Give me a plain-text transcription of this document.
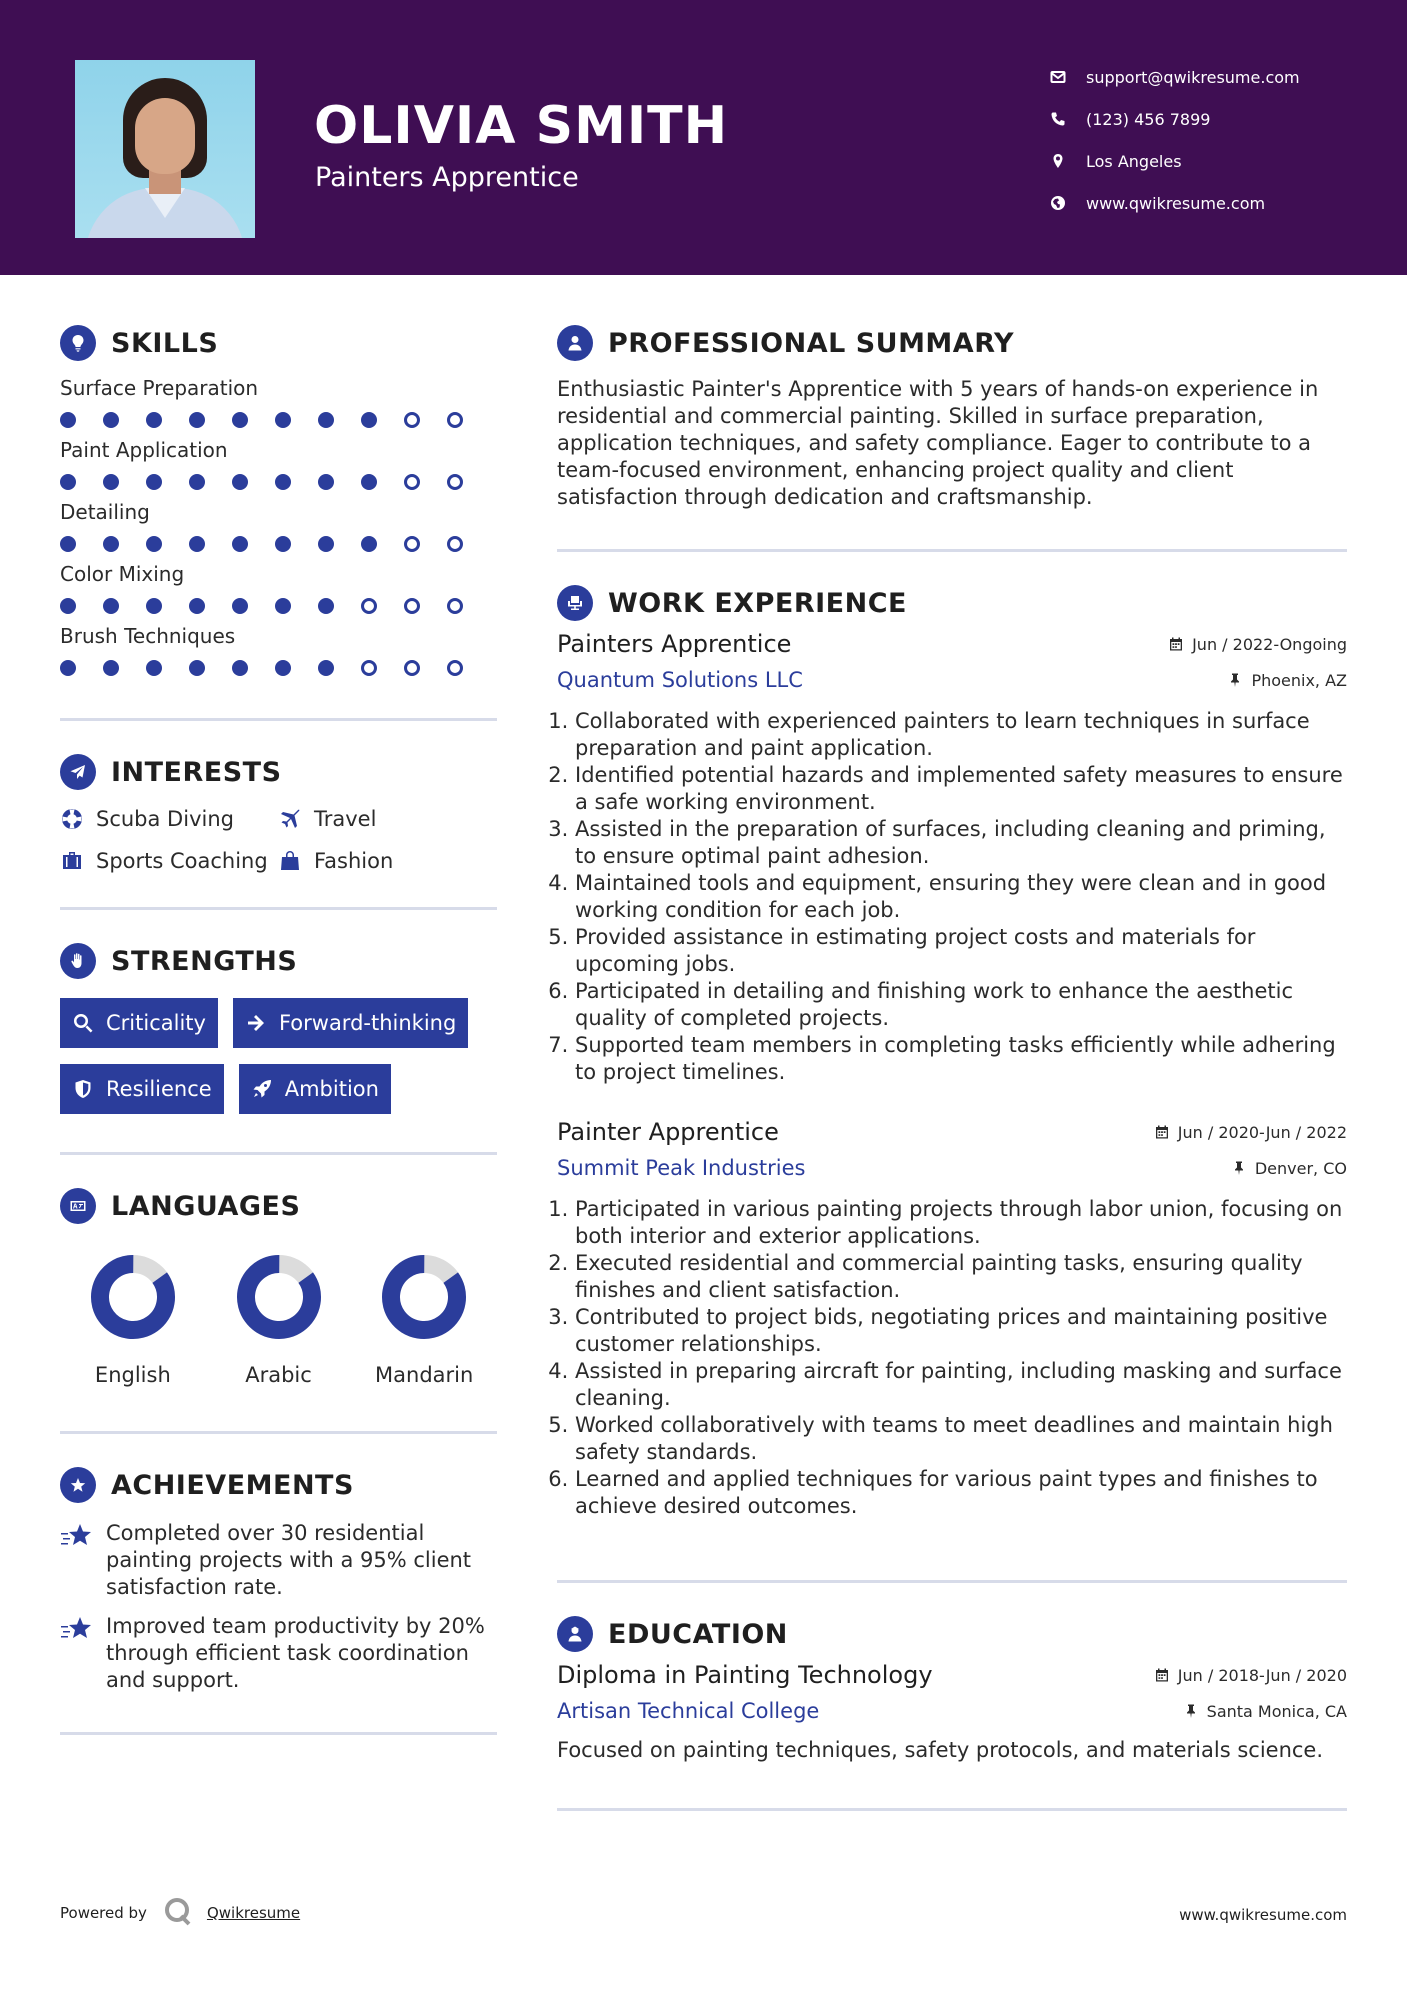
OLIVIA SMITH
Painters Apprentice
support@qwikresume.com
(123) 456 7899
Los Angeles
www.qwikresume.com
SKILLS
Surface Preparation
Paint Application
Detailing
Color Mixing
Brush Techniques
INTERESTS
Scuba Diving	Travel
Sports Coaching Fashion
STRENGTHS
Criticality	Forward-thinking
Resilience	Ambition
LANGUAGES
English	Arabic	Mandarin
ACHIEVEMENTS
Completed over 30 residential painting projects with a 95% client satisfaction rate.
Improved team productivity by 20% through efficient task coordination and support.
PROFESSIONAL SUMMARY
Enthusiastic Painter's Apprentice with 5 years of hands-on experience in residential and commercial painting. Skilled in surface preparation, application techniques, and safety compliance. Eager to contribute to a team-focused environment, enhancing project quality and client satisfaction through dedication and craftsmanship.
WORK EXPERIENCE
Painters Apprentice	Jun / 2022-Ongoing
Quantum Solutions LLC	Phoenix, AZ
1. Collaborated with experienced painters to learn techniques in surface preparation and paint application.
2. Identified potential hazards and implemented safety measures to ensure a safe working environment.
3. Assisted in the preparation of surfaces, including cleaning and priming, to ensure optimal paint adhesion.
4. Maintained tools and equipment, ensuring they were clean and in good working condition for each job.
5. Provided assistance in estimating project costs and materials for upcoming jobs.
6. Participated in detailing and finishing work to enhance the aesthetic quality of completed projects.
7. Supported team members in completing tasks efficiently while adhering to project timelines.
Painter Apprentice	Jun / 2020-Jun / 2022
Summit Peak Industries	Denver, CO
1. Participated in various painting projects through labor union, focusing on both interior and exterior applications.
2. Executed residential and commercial painting tasks, ensuring quality finishes and client satisfaction.
3. Contributed to project bids, negotiating prices and maintaining positive customer relationships.
4. Assisted in preparing aircraft for painting, including masking and surface cleaning.
5. Worked collaboratively with teams to meet deadlines and maintain high safety standards.
6. Learned and applied techniques for various paint types and finishes to achieve desired outcomes.
EDUCATION
Diploma in Painting Technology	Jun / 2018-Jun / 2020
Artisan Technical College	Santa Monica, CA
Focused on painting techniques, safety protocols, and materials science.
Powered by	Qwikresume	www.qwikresume.com
